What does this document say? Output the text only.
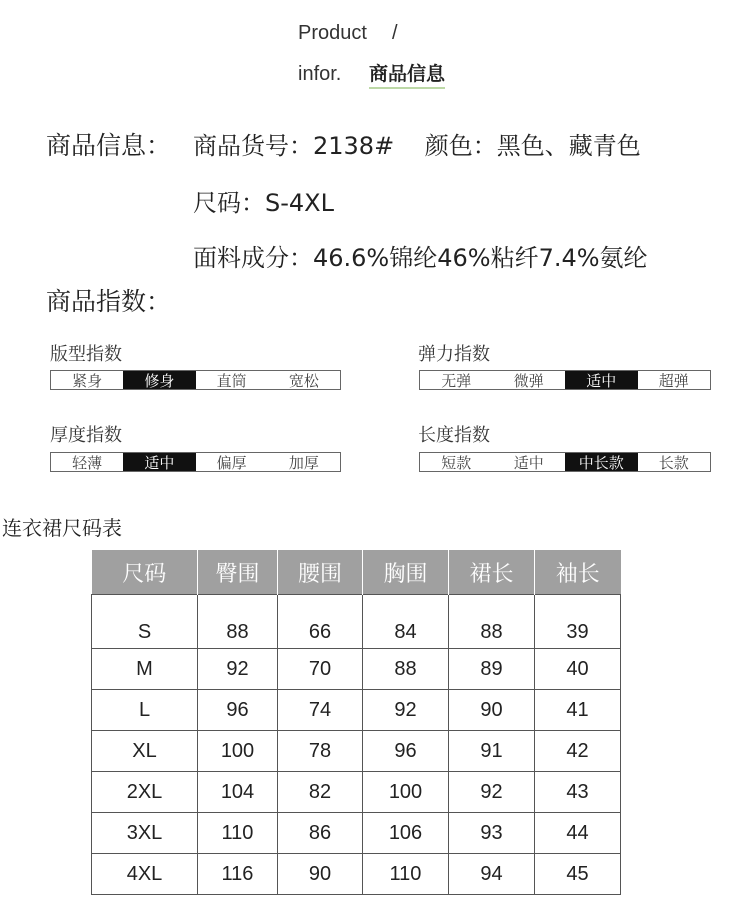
Product /
infor. 商品信息
商品信息： 商品货号：2138#    颜色：黑色、藏青色
尺码：S-4XL
面料成分：46.6%锦纶46%粘纤7.4%氨纶
商品指数：
版型指数
紧身	修身	直筒	宽松
弹力指数
无弹	微弹	适中	超弹
厚度指数
轻薄	适中	偏厚	加厚
长度指数
短款	适中	中长款	长款
连衣裙尺码表
尺码	臀围	腰围	胸围	裙长	袖长
S	88	66	84	88	39
M	92	70	88	89	40
L	96	74	92	90	41
XL	100	78	96	91	42
2XL	104	82	100	92	43
3XL	110	86	106	93	44
4XL	116	90	110	94	45
